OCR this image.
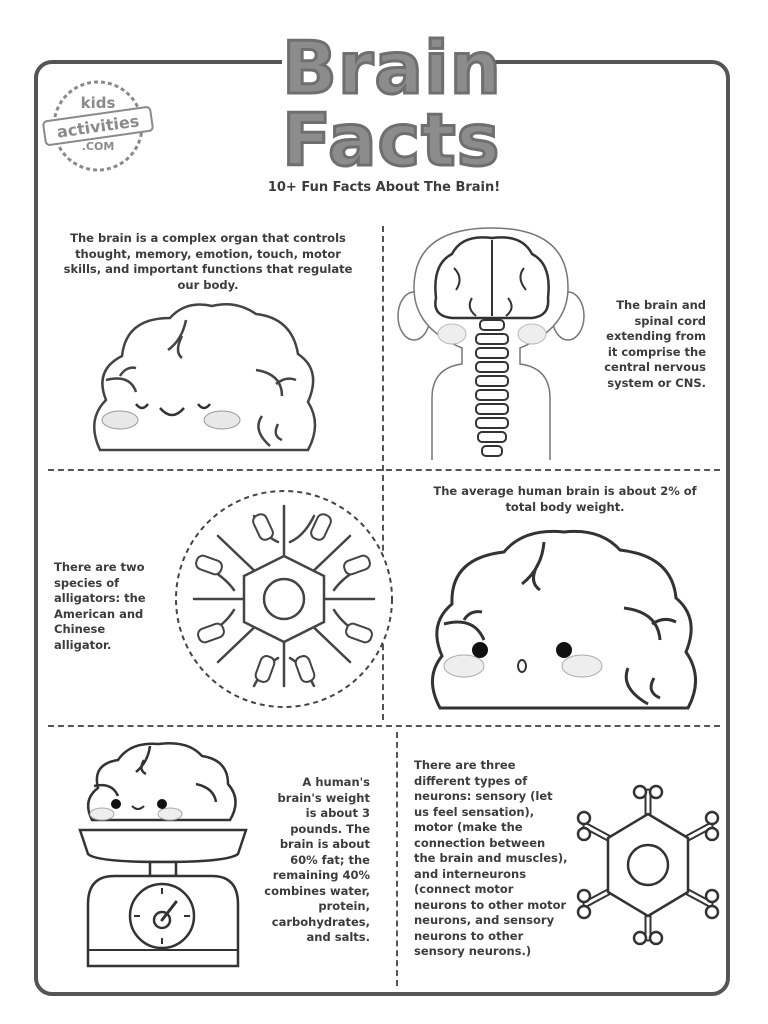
kids
activities
.COM
Brain
Facts
10+ Fun Facts About The Brain!
The brain is a complex organ that controls thought, memory, emotion, touch, motor skills, and important functions that regulate our body.
The brain and spinal cord extending from it comprise the central nervous system or CNS.
There are two species of alligators: the American and Chinese alligator.
The average human brain is about 2% of total body weight.
A human's brain's weight is about 3 pounds. The brain is about 60% fat; the remaining 40% combines water, protein, carbohydrates, and salts.
There are three different types of neurons: sensory (let us feel sensation), motor (make the connection between the brain and muscles), and interneurons (connect motor neurons to other motor neurons, and sensory neurons to other sensory neurons.)
